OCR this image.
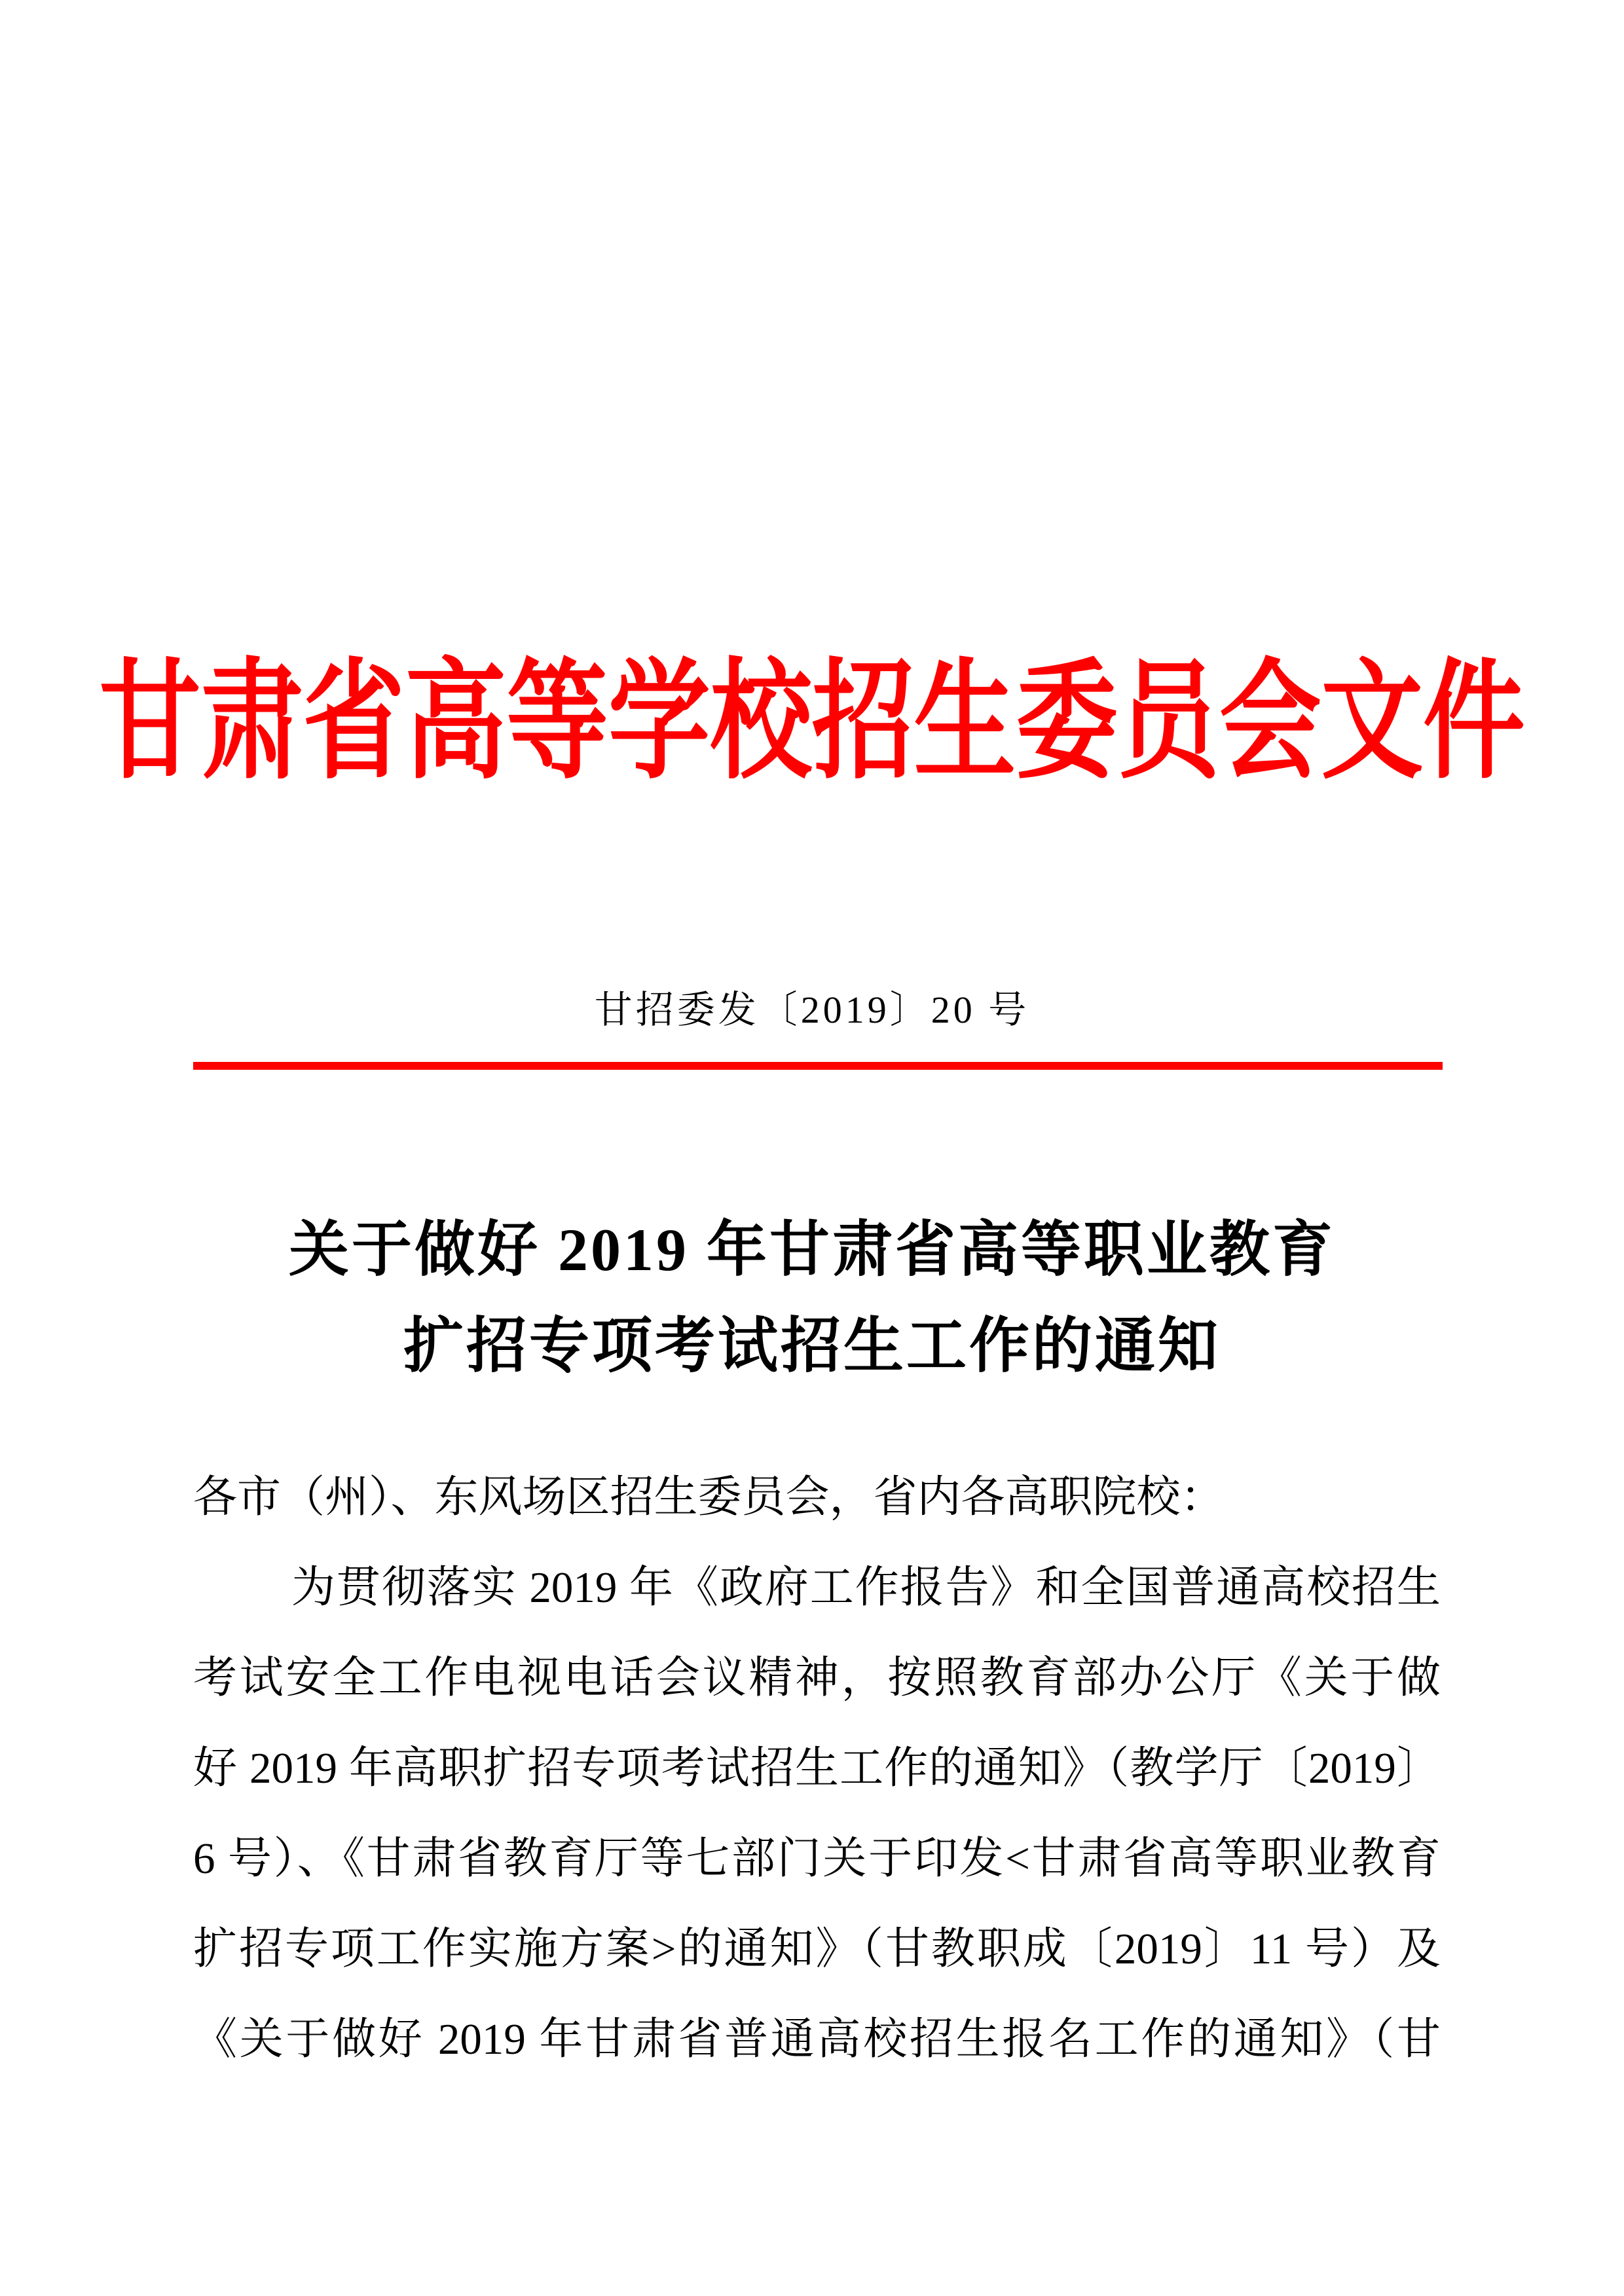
甘肃省高等学校招生委员会文件
甘招委发〔2019〕20 号
关于做好 2019 年甘肃省高等职业教育
扩招专项考试招生工作的通知
各市（州）、东风场区招生委员会，省内各高职院校：
为贯彻落实 2019 年《政府工作报告》和全国普通高校招生
考试安全工作电视电话会议精神，按照教育部办公厅《关于做
好 2019 年高职扩招专项考试招生工作的通知》（教学厅〔2019〕
6 号）、《甘肃省教育厅等七部门关于印发<甘肃省高等职业教育
扩招专项工作实施方案>的通知》（甘教职成〔2019〕11 号）及
《关于做好 2019 年甘肃省普通高校招生报名工作的通知》（甘
